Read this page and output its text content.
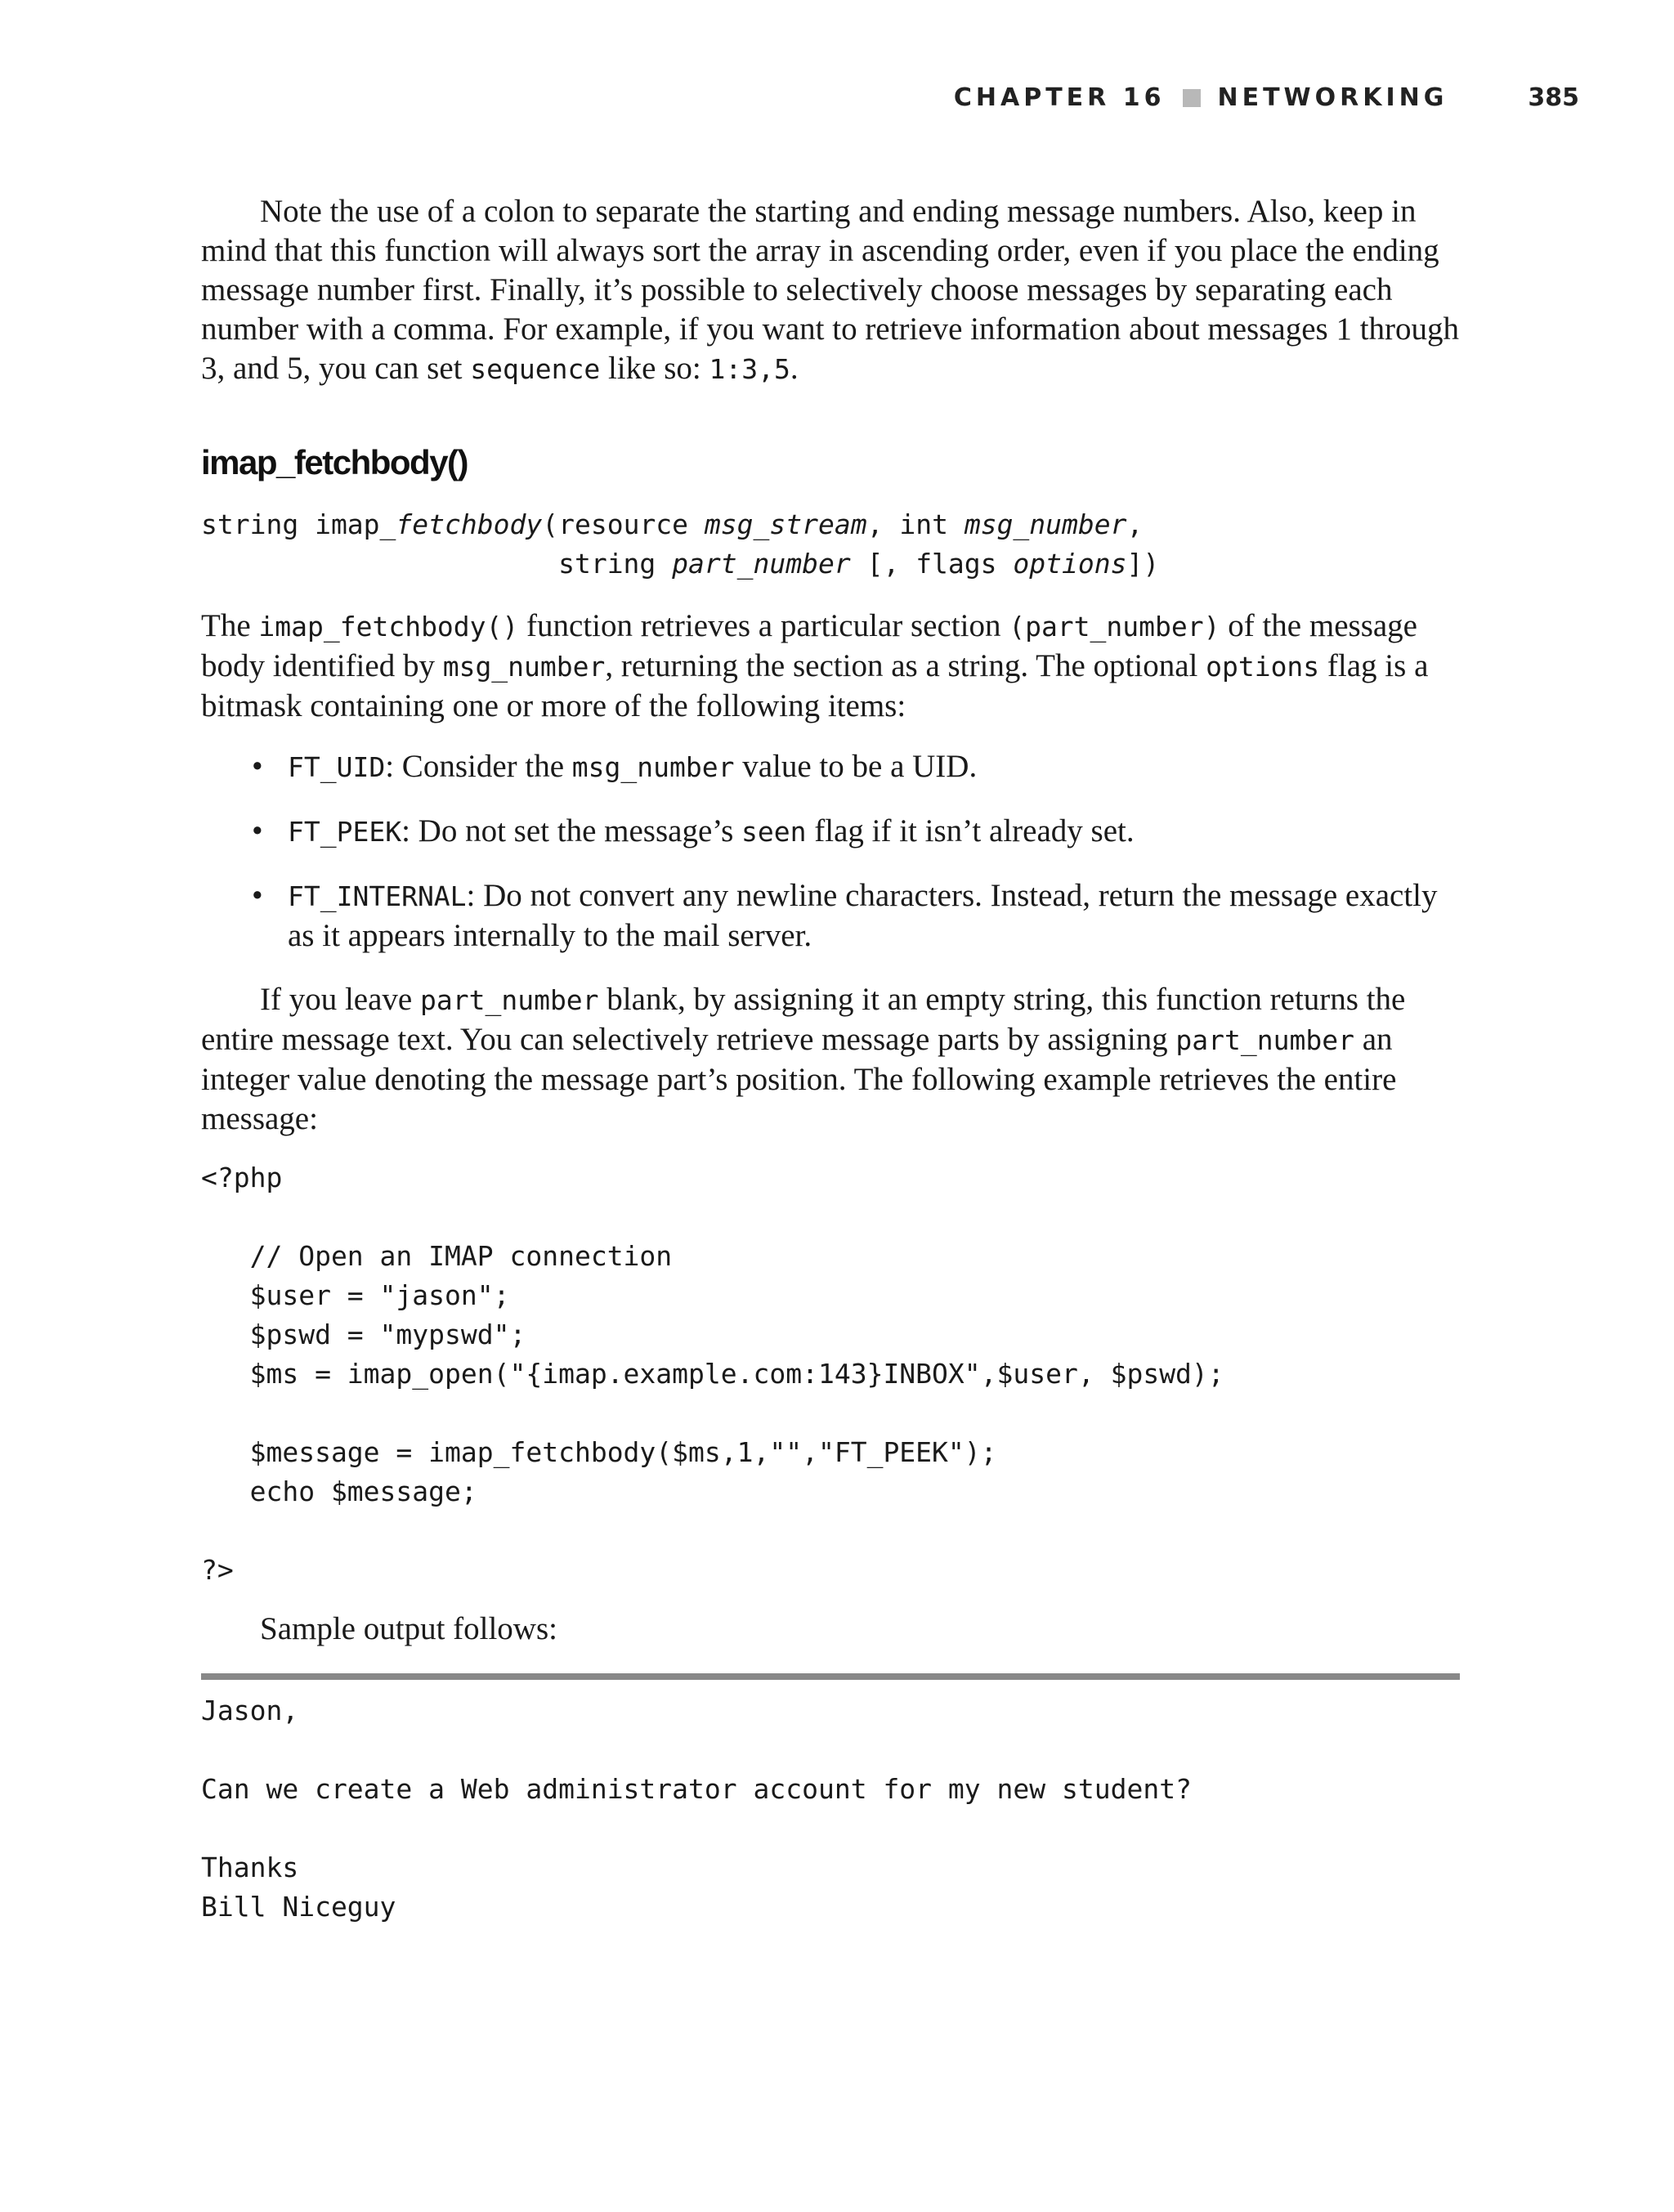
CHAPTER 16 NETWORKING	385

Note the use of a colon to separate the starting and ending message numbers. Also, keep in mind that this function will always sort the array in ascending order, even if you place the ending message number first. Finally, it’s possible to selectively choose messages by separating each number with a comma. For example, if you want to retrieve information about messages 1 through 3, and 5, you can set sequence like so: 1:3,5.

imap_fetchbody()
string imap_fetchbody(resource msg_stream, int msg_number,
string part_number [, flags options])

The imap_fetchbody() function retrieves a particular section (part_number) of the message body identified by msg_number, returning the section as a string. The optional options flag is a bitmask containing one or more of the following items:

• FT_UID: Consider the msg_number value to be a UID.
• FT_PEEK: Do not set the message’s seen flag if it isn’t already set.
• FT_INTERNAL: Do not convert any newline characters. Instead, return the message exactly as it appears internally to the mail server.

If you leave part_number blank, by assigning it an empty string, this function returns the entire message text. You can selectively retrieve message parts by assigning part_number an integer value denoting the message part’s position. The following example retrieves the entire message:

<?php

// Open an IMAP connection
$user = "jason";
$pswd = "mypswd";
$ms = imap_open("{imap.example.com:143}INBOX",$user, $pswd);

$message = imap_fetchbody($ms,1,"","FT_PEEK");
echo $message;

?>

Sample output follows:

Jason,

Can we create a Web administrator account for my new student?

Thanks
Bill Niceguy
